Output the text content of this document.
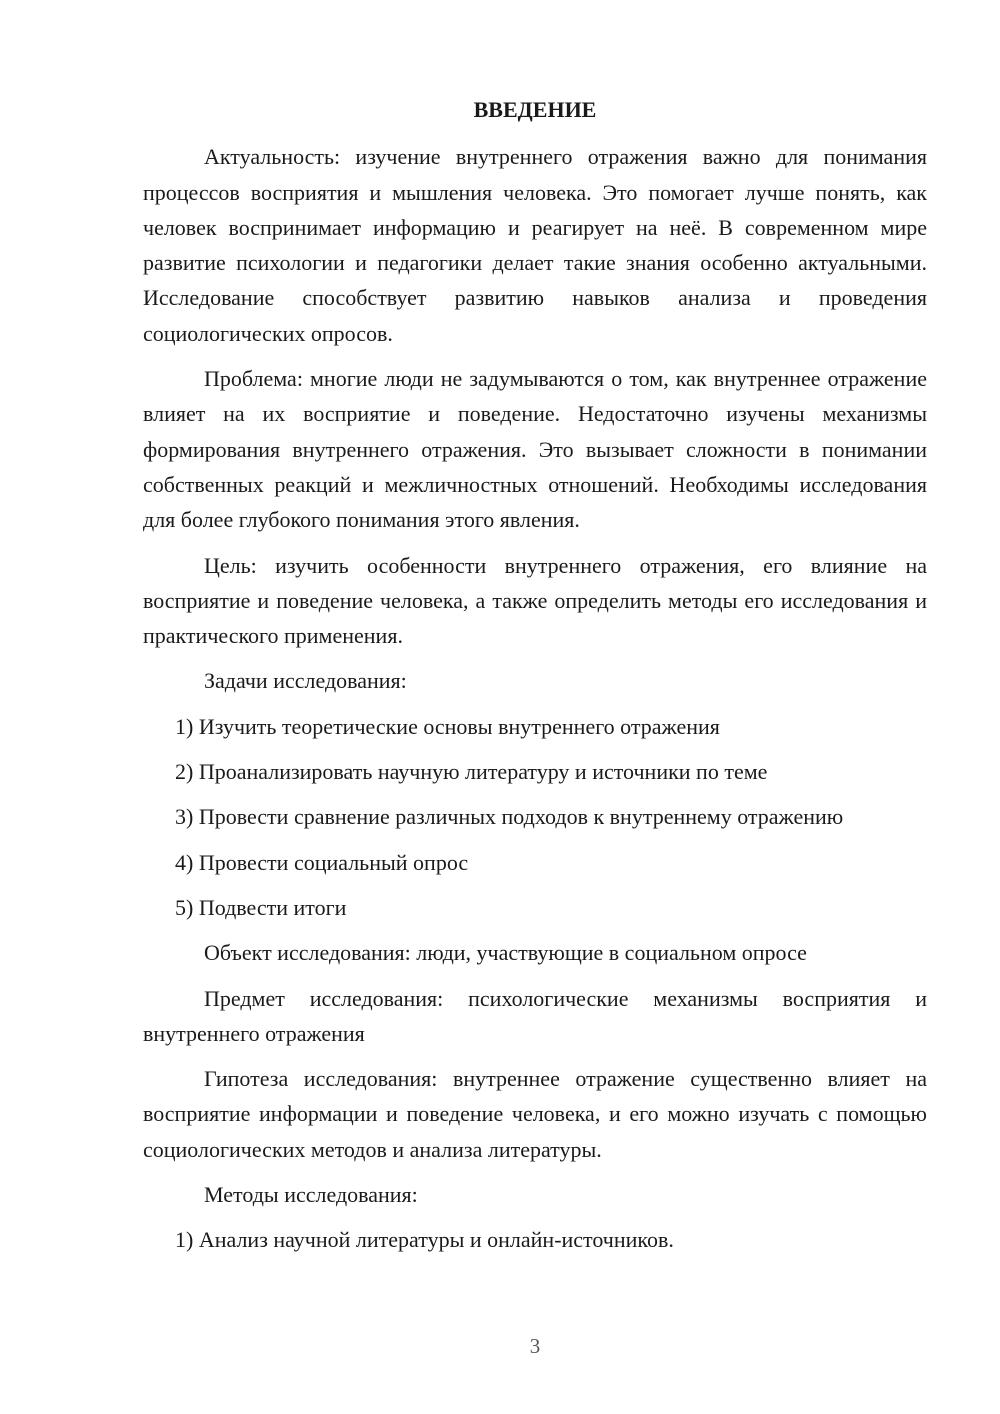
ВВЕДЕНИЕ

Актуальность: изучение внутреннего отражения важно для понимания процессов восприятия и мышления человека. Это помогает лучше понять, как человек воспринимает информацию и реагирует на неё. В современном мире развитие психологии и педагогики делает такие знания особенно актуальными. Исследование способствует развитию навыков анализа и проведения социологических опросов.

Проблема: многие люди не задумываются о том, как внутреннее отражение влияет на их восприятие и поведение. Недостаточно изучены механизмы формирования внутреннего отражения. Это вызывает сложности в понимании собственных реакций и межличностных отношений. Необходимы исследования для более глубокого понимания этого явления.

Цель: изучить особенности внутреннего отражения, его влияние на восприятие и поведение человека, а также определить методы его исследования и практического применения.

Задачи исследования:

1) Изучить теоретические основы внутреннего отражения

2) Проанализировать научную литературу и источники по теме

3) Провести сравнение различных подходов к внутреннему отражению

4) Провести социальный опрос

5) Подвести итоги

Объект исследования: люди, участвующие в социальном опросе

Предмет исследования: психологические механизмы восприятия и внутреннего отражения

Гипотеза исследования: внутреннее отражение существенно влияет на восприятие информации и поведение человека, и его можно изучать с помощью социологических методов и анализа литературы.

Методы исследования:

1) Анализ научной литературы и онлайн-источников.

3
